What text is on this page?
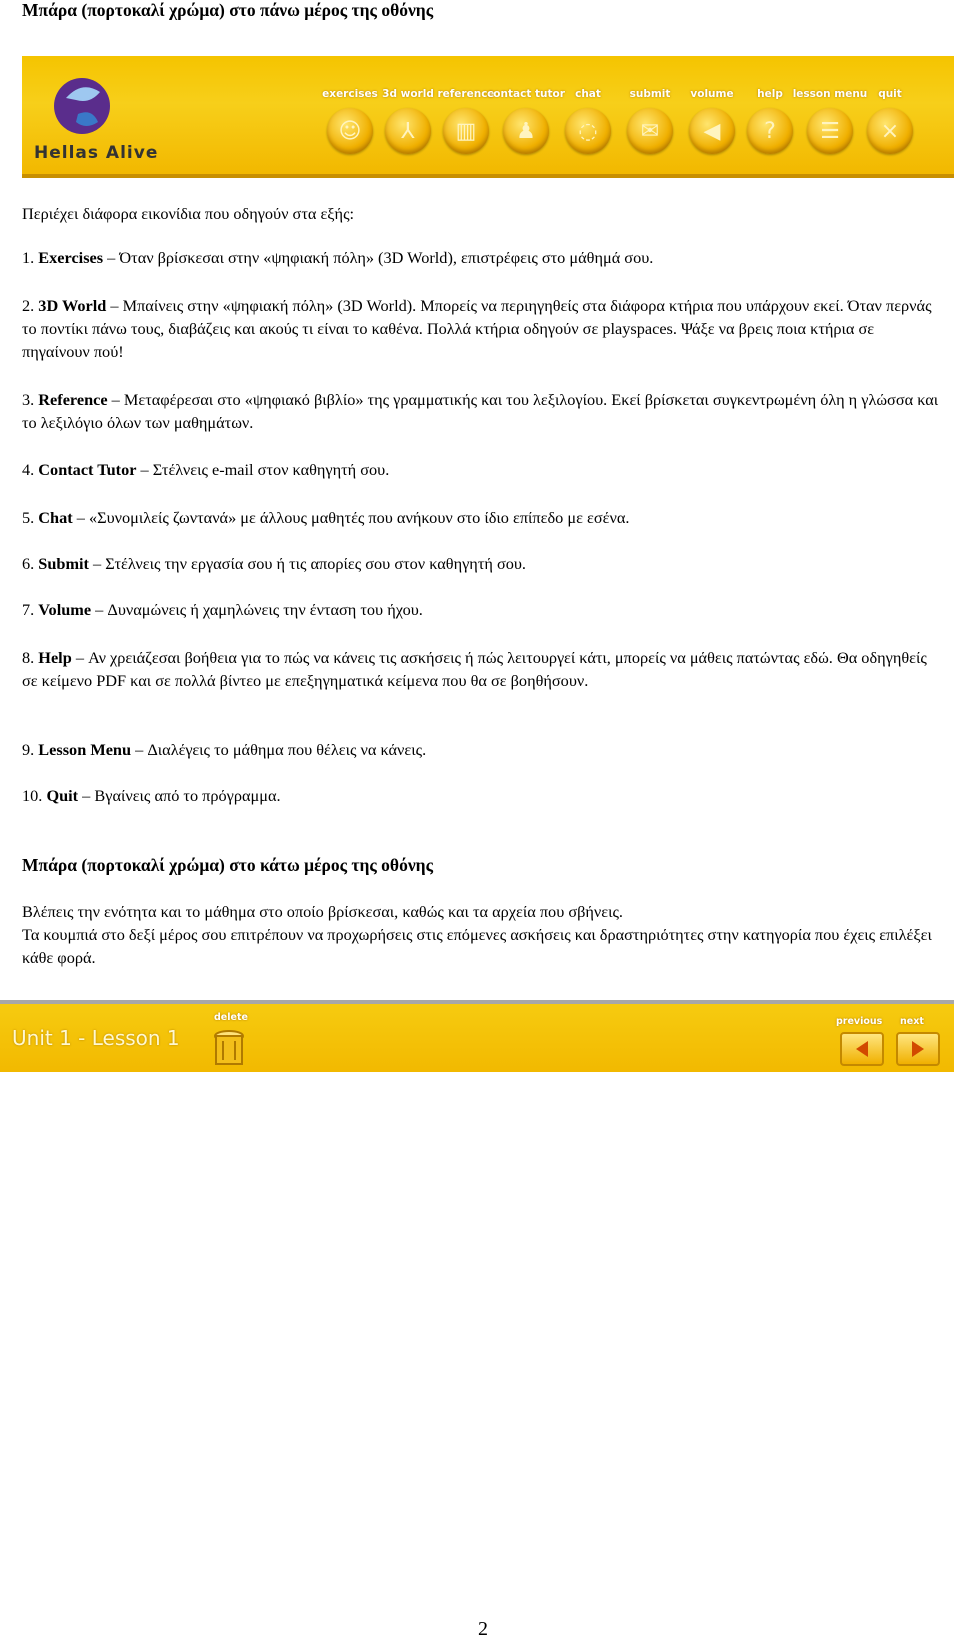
Μπάρα (πορτοκαλί χρώμα) στο πάνω μέρος της οθόνης
Hellas Alive
exercises
☺
3d world
⅄
reference
▥
contact tutor
♟
chat
◌
submit
✉
volume
◀
help
?
lesson menu
☰
quit
×
Περιέχει διάφορα εικονίδια που οδηγούν στα εξής:
1. Exercises – Όταν βρίσκεσαι στην «ψηφιακή πόλη» (3D World), επιστρέφεις στο μάθημά σου.
2. 3D World – Μπαίνεις στην «ψηφιακή πόλη» (3D World). Μπορείς να περιηγηθείς στα διάφορα κτήρια που υπάρχουν εκεί. Όταν περνάς το ποντίκι πάνω τους, διαβάζεις και ακούς τι είναι το καθένα. Πολλά κτήρια οδηγούν σε playspaces. Ψάξε να βρεις ποια κτήρια σε πηγαίνουν πού!
3. Reference – Μεταφέρεσαι στο «ψηφιακό βιβλίο» της γραμματικής και του λεξιλογίου. Εκεί βρίσκεται συγκεντρωμένη όλη η γλώσσα και το λεξιλόγιο όλων των μαθημάτων.
4. Contact Tutor – Στέλνεις e-mail στον καθηγητή σου.
5. Chat – «Συνομιλείς ζωντανά» με άλλους μαθητές που ανήκουν στο ίδιο επίπεδο με εσένα.
6. Submit – Στέλνεις την εργασία σου ή τις απορίες σου στον καθηγητή σου.
7. Volume – Δυναμώνεις ή χαμηλώνεις την ένταση του ήχου.
8. Help – Αν χρειάζεσαι βοήθεια για το πώς να κάνεις τις ασκήσεις ή πώς λειτουργεί κάτι, μπορείς να μάθεις πατώντας εδώ. Θα οδηγηθείς σε κείμενο PDF και σε πολλά βίντεο με επεξηγηματικά κείμενα που θα σε βοηθήσουν.
9. Lesson Menu – Διαλέγεις το μάθημα που θέλεις να κάνεις.
10. Quit – Βγαίνεις από το πρόγραμμα.
Μπάρα (πορτοκαλί χρώμα) στο κάτω μέρος της οθόνης
Βλέπεις την ενότητα και το μάθημα στο οποίο βρίσκεσαι, καθώς και τα αρχεία που σβήνεις.
Τα κουμπιά στο δεξί μέρος σου επιτρέπουν να προχωρήσεις στις επόμενες ασκήσεις και δραστηριότητες στην κατηγορία που έχεις επιλέξει κάθε φορά.
Unit 1 - Lesson 1
delete	previous next
2
